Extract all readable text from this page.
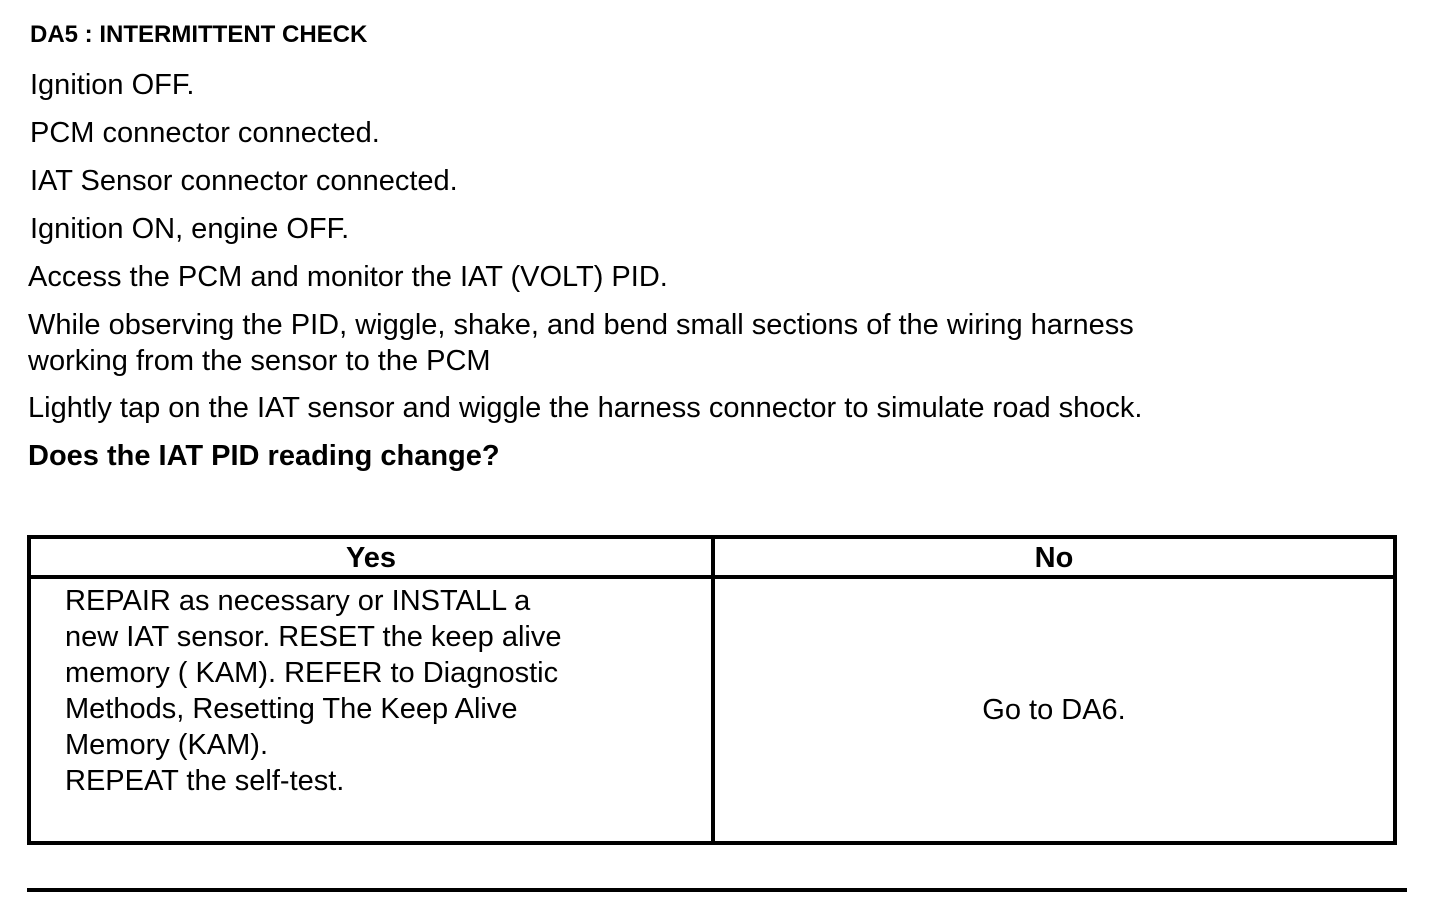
DA5 : INTERMITTENT CHECK
Ignition OFF.
PCM connector connected.
IAT Sensor connector connected.
Ignition ON, engine OFF.
Access the PCM and monitor the IAT (VOLT) PID.
While observing the PID, wiggle, shake, and bend small sections of the wiring harness
working from the sensor to the PCM
Lightly tap on the IAT sensor and wiggle the harness connector to simulate road shock.
Does the IAT PID reading change?
Yes	No
REPAIR as necessary or INSTALL a
new IAT sensor. RESET the keep alive
memory ( KAM). REFER to Diagnostic
Methods, Resetting The Keep Alive
Memory (KAM).
REPEAT the self-test.
Go to DA6.
